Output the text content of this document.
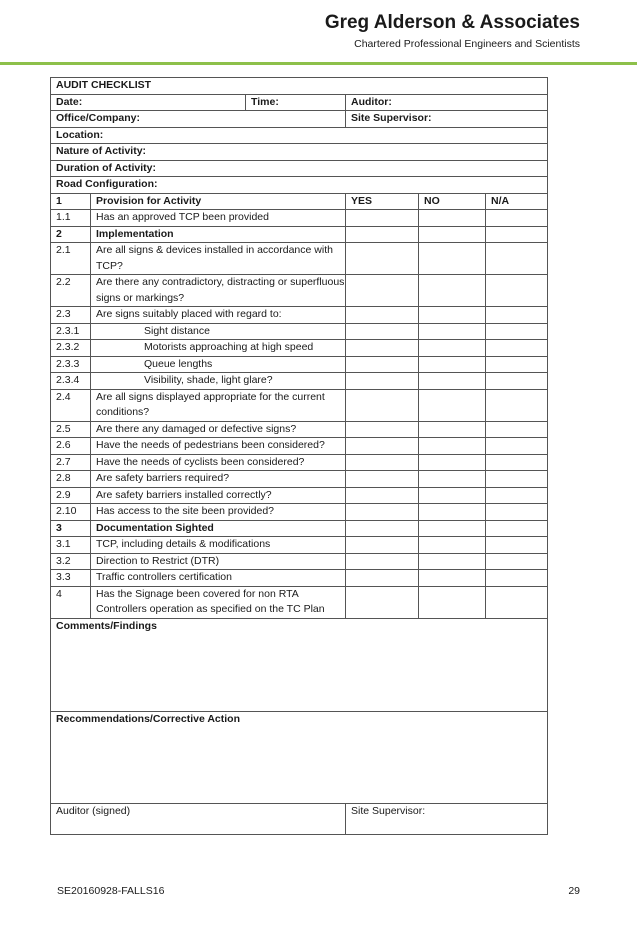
Greg Alderson & Associates
Chartered Professional Engineers and Scientists
AUDIT CHECKLIST					
Date:		Time:	Auditor:		
Office/Company:			Site Supervisor:		
Location:					
Nature of Activity:					
Duration of Activity:					
Road Configuration:					
1	Provision for Activity		YES	NO	N/A
1.1	Has an approved TCP been provided				
2	Implementation				
2.1	Are all signs & devices installed in accordance with TCP?				
2.2	Are there any contradictory, distracting or superfluous signs or markings?				
2.3	Are signs suitably placed with regard to:				
2.3.1	Sight distance				
2.3.2	Motorists approaching at high speed				
2.3.3	Queue lengths				
2.3.4	Visibility, shade, light glare?				
2.4	Are all signs displayed appropriate for the current conditions?				
2.5	Are there any damaged or defective signs?				
2.6	Have the needs of pedestrians been considered?				
2.7	Have the needs of cyclists been considered?				
2.8	Are safety barriers required?				
2.9	Are safety barriers installed correctly?				
2.10	Has access to the site been provided?				
3	Documentation Sighted				
3.1	TCP, including details & modifications				
3.2	Direction to Restrict (DTR)				
3.3	Traffic controllers certification				
4	Has the Signage been covered for non RTA Controllers operation as specified on the TC Plan				
Comments/Findings					
Recommendations/Corrective Action					
Auditor (signed)			Site Supervisor:		
SE20160928-FALLS16	29
